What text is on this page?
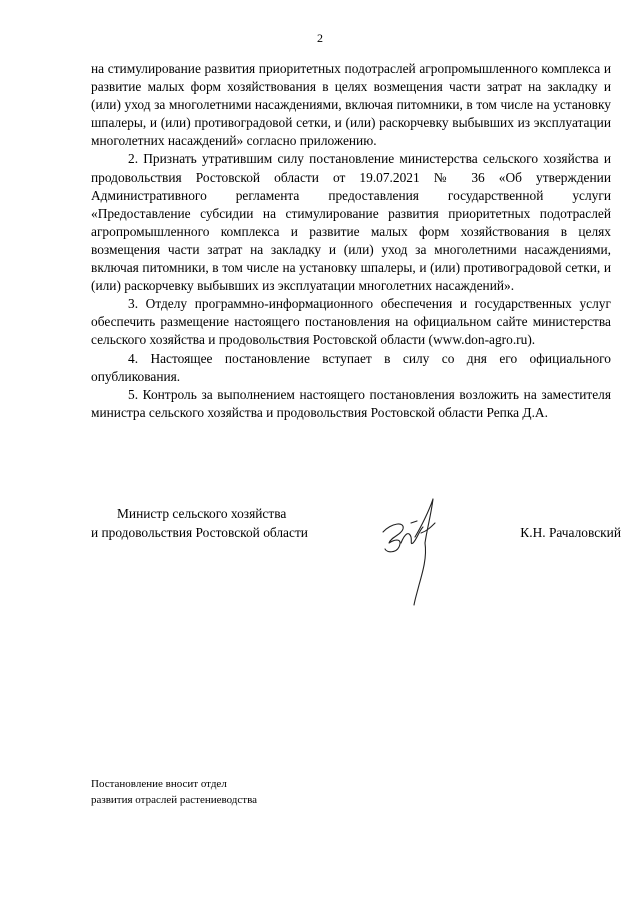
2

на стимулирование развития приоритетных подотраслей агропромышленного комплекса и развитие малых форм хозяйствования в целях возмещения части затрат на закладку и (или) уход за многолетними насаждениями, включая питомники, в том числе на установку шпалеры, и (или) противоградовой сетки, и (или) раскорчевку выбывших из эксплуатации многолетних насаждений» согласно приложению.

2. Признать утратившим силу постановление министерства сельского хозяйства и продовольствия Ростовской области от 19.07.2021 № 36 «Об утверждении Административного регламента предоставления государственной услуги «Предоставление субсидии на стимулирование развития приоритетных подотраслей агропромышленного комплекса и развитие малых форм хозяйствования в целях возмещения части затрат на закладку и (или) уход за многолетними насаждениями, включая питомники, в том числе на установку шпалеры, и (или) противоградовой сетки, и (или) раскорчевку выбывших из эксплуатации многолетних насаждений».

3. Отделу программно-информационного обеспечения и государственных услуг обеспечить размещение настоящего постановления на официальном сайте министерства сельского хозяйства и продовольствия Ростовской области (www.don-agro.ru).

4. Настоящее постановление вступает в силу со дня его официального опубликования.

5. Контроль за выполнением настоящего постановления возложить на заместителя министра сельского хозяйства и продовольствия Ростовской области Репка Д.А.

Министр сельского хозяйства
и продовольствия Ростовской области	К.Н. Рачаловский
Постановление вносит отдел
развития отраслей растениеводства
